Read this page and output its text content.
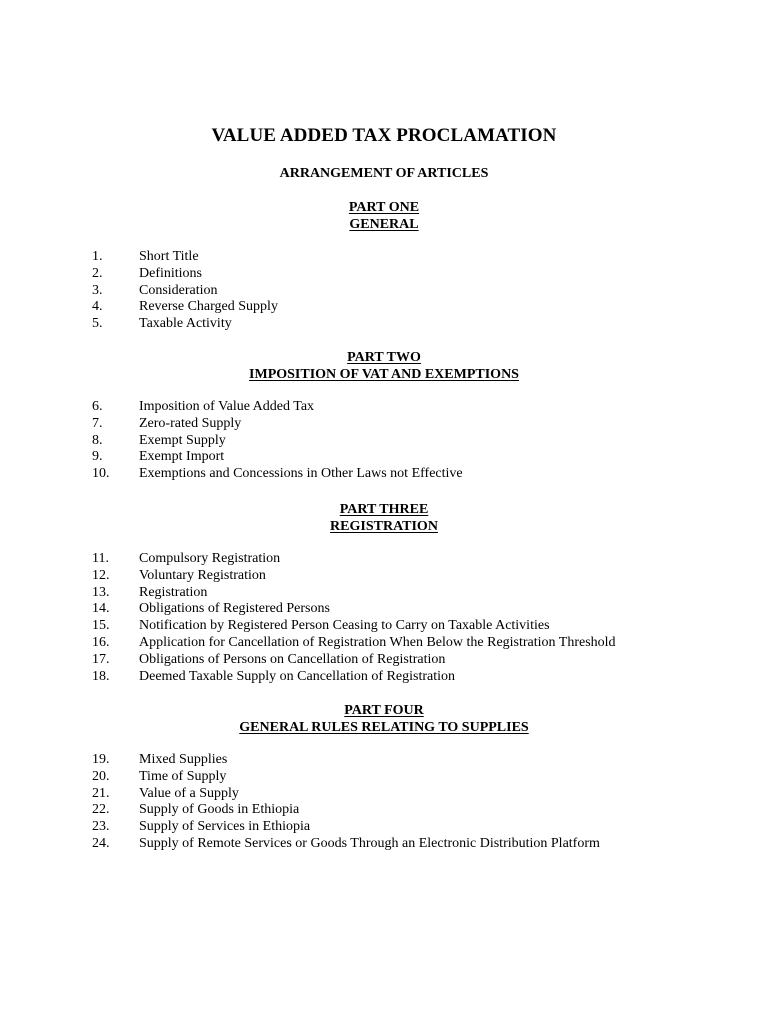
VALUE ADDED TAX PROCLAMATION
ARRANGEMENT OF ARTICLES
PART ONE
GENERAL
1.	Short Title
2.	Definitions
3.	Consideration
4.	Reverse Charged Supply
5.	Taxable Activity
PART TWO
IMPOSITION OF VAT AND EXEMPTIONS
6.	Imposition of Value Added Tax
7.	Zero-rated Supply
8.	Exempt Supply
9.	Exempt Import
10. Exemptions and Concessions in Other Laws not Effective
PART THREE
REGISTRATION
11. Compulsory Registration
12. Voluntary Registration
13. Registration
14. Obligations of Registered Persons
15. Notification by Registered Person Ceasing to Carry on Taxable Activities
16. Application for Cancellation of Registration When Below the Registration Threshold
17. Obligations of Persons on Cancellation of Registration
18. Deemed Taxable Supply on Cancellation of Registration
PART FOUR
GENERAL RULES RELATING TO SUPPLIES
19. Mixed Supplies
20. Time of Supply
21. Value of a Supply
22. Supply of Goods in Ethiopia
23. Supply of Services in Ethiopia
24. Supply of Remote Services or Goods Through an Electronic Distribution Platform
